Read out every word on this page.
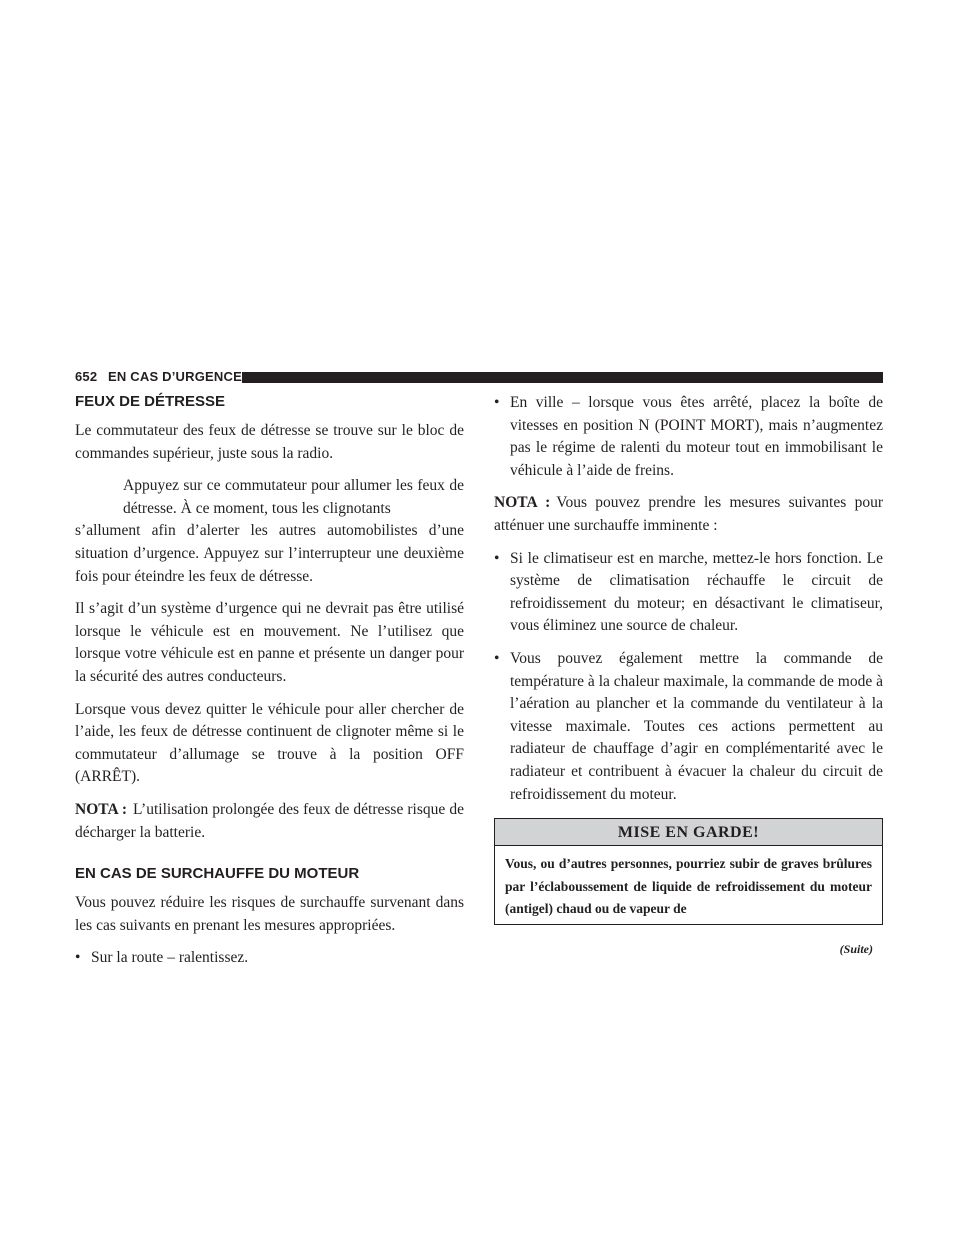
652 EN CAS D’URGENCE
FEUX DE DÉTRESSE

Le commutateur des feux de détresse se trouve sur le bloc de commandes supérieur, juste sous la radio.

Appuyez sur ce commutateur pour allumer les feux de détresse. À ce moment, tous les clignotants
s’allument afin d’alerter les autres automobilistes d’une situation d’urgence. Appuyez sur l’interrupteur une deuxième fois pour éteindre les feux de détresse.

Il s’agit d’un système d’urgence qui ne devrait pas être utilisé lorsque le véhicule est en mouvement. Ne l’utilisez que lorsque votre véhicule est en panne et présente un danger pour la sécurité des autres conducteurs.

Lorsque vous devez quitter le véhicule pour aller chercher de l’aide, les feux de détresse continuent de clignoter même si le commutateur d’allumage se trouve à la position OFF (ARRÊT).

NOTA : L’utilisation prolongée des feux de détresse risque de décharger la batterie.

EN CAS DE SURCHAUFFE DU MOTEUR

Vous pouvez réduire les risques de surchauffe survenant dans les cas suivants en prenant les mesures appropriées.

• Sur la route – ralentissez.
• En ville – lorsque vous êtes arrêté, placez la boîte de vitesses en position N (POINT MORT), mais n’augmentez pas le régime de ralenti du moteur tout en immobilisant le véhicule à l’aide de freins.

NOTA : Vous pouvez prendre les mesures suivantes pour atténuer une surchauffe imminente :

• Si le climatiseur est en marche, mettez-le hors fonction. Le système de climatisation réchauffe le circuit de refroidissement du moteur; en désactivant le climatiseur, vous éliminez une source de chaleur.
• Vous pouvez également mettre la commande de température à la chaleur maximale, la commande de mode à l’aération au plancher et la commande du ventilateur à la vitesse maximale. Toutes ces actions permettent au radiateur de chauffage d’agir en complémentarité avec le radiateur et contribuent à évacuer la chaleur du circuit de refroidissement du moteur.
MISE EN GARDE!
Vous, ou d’autres personnes, pourriez subir de graves brûlures par l’éclaboussement de liquide de refroidissement du moteur (antigel) chaud ou de vapeur de
(Suite)
